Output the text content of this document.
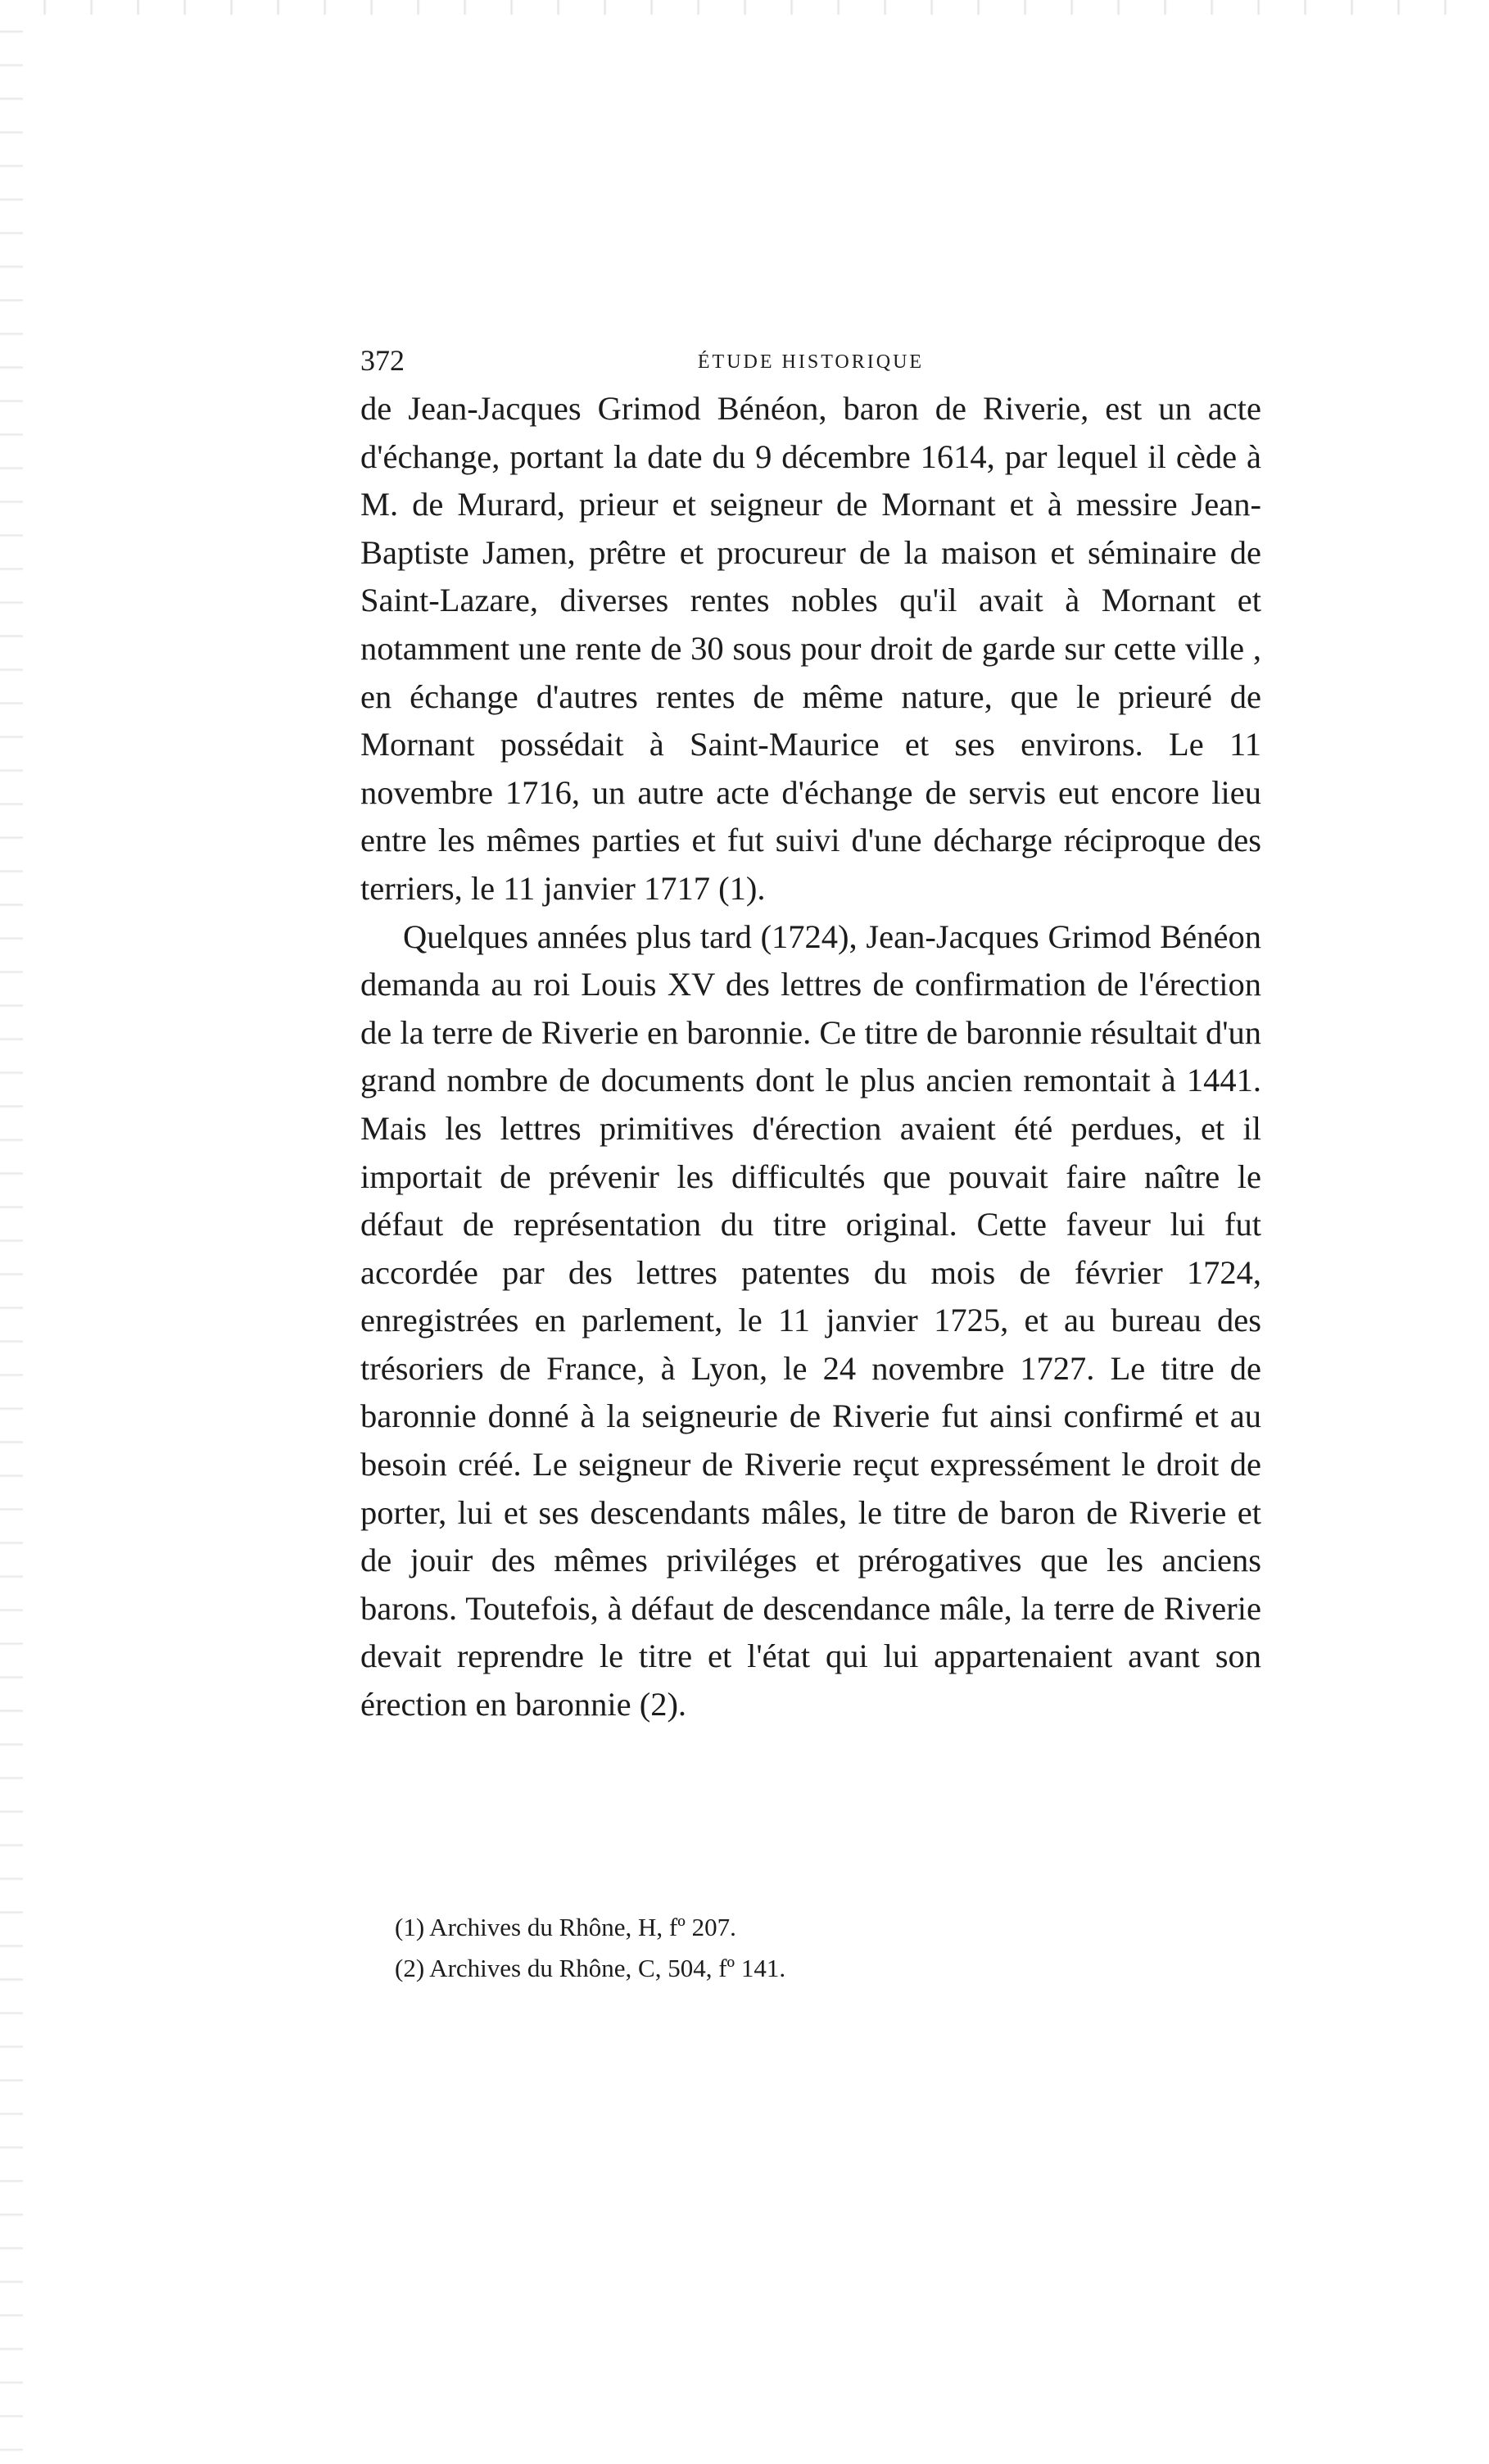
372	ÉTUDE HISTORIQUE

de Jean-Jacques Grimod Bénéon, baron de Riverie, est un acte d'échange, portant la date du 9 décembre 1614, par lequel il cède à M. de Murard, prieur et seigneur de Mornant et à messire Jean-Baptiste Jamen, prêtre et procureur de la maison et séminaire de Saint-Lazare, diverses rentes nobles qu'il avait à Mornant et notamment une rente de 30 sous pour droit de garde sur cette ville , en échange d'autres rentes de même nature, que le prieuré de Mornant possédait à Saint-Maurice et ses environs. Le 11 novembre 1716, un autre acte d'échange de servis eut encore lieu entre les mêmes parties et fut suivi d'une décharge réciproque des terriers, le 11 janvier 1717 (1).

Quelques années plus tard (1724), Jean-Jacques Grimod Bénéon demanda au roi Louis XV des lettres de confirmation de l'érection de la terre de Riverie en baronnie. Ce titre de baronnie résultait d'un grand nombre de documents dont le plus ancien remontait à 1441. Mais les lettres primitives d'érection avaient été perdues, et il importait de prévenir les difficultés que pouvait faire naître le défaut de représentation du titre original. Cette faveur lui fut accordée par des lettres patentes du mois de février 1724, enregistrées en parlement, le 11 janvier 1725, et au bureau des trésoriers de France, à Lyon, le 24 novembre 1727. Le titre de baronnie donné à la seigneurie de Riverie fut ainsi confirmé et au besoin créé. Le seigneur de Riverie reçut expressément le droit de porter, lui et ses descendants mâles, le titre de baron de Riverie et de jouir des mêmes priviléges et prérogatives que les anciens barons. Toutefois, à défaut de descendance mâle, la terre de Riverie devait reprendre le titre et l'état qui lui appartenaient avant son érection en baronnie (2).

(1) Archives du Rhône, H, fº 207.
(2) Archives du Rhône, C, 504, fº 141.
